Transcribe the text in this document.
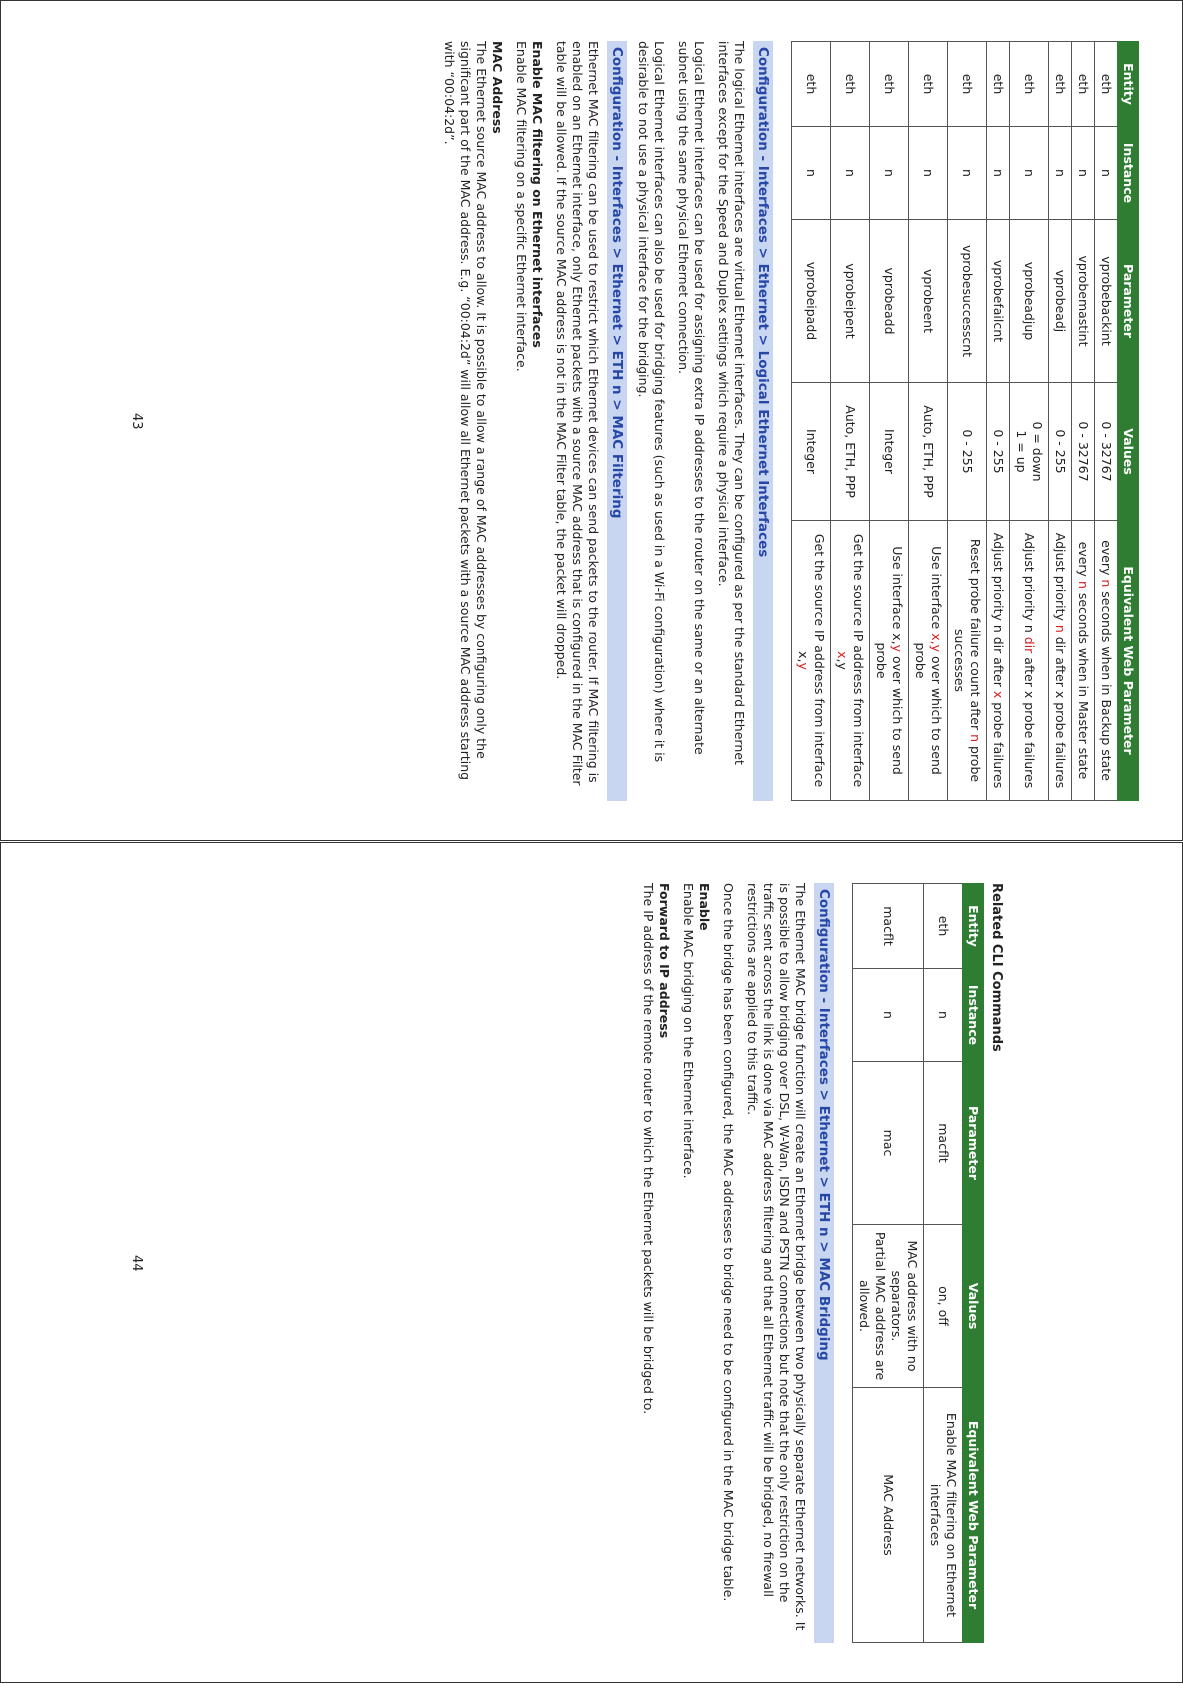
Entity	Instance	Parameter	Values	Equivalent Web Parameter
eth	n	vprobebackint	0 - 32767	every n seconds when in Backup state
eth	n	vprobemastint	0 - 32767	every n seconds when in Master state
eth	n	vprobeadj	0 - 255	Adjust priority n dir after x probe failures
eth	n	vprobeadjup	0 = down
1 = up	Adjust priority n dir after x probe failures
eth	n	vprobefailcnt	0 - 255	Adjust priority n dir after x probe failures
eth	n	vprobesuccesscnt	0 - 255	Reset probe failure count after n probe successes
eth	n	vprobeent	Auto, ETH, PPP	Use interface x,y over which to send probe
eth	n	vprobeadd	Integer	Use interface x,y over which to send probe
eth	n	vprobeipent	Auto, ETH, PPP	Get the source IP address from interface x,y
eth	n	vprobeipadd	Integer	Get the source IP address from interface x,y
Configuration - Interfaces > Ethernet > Logical Ethernet Interfaces

The logical Ethernet interfaces are virtual Ethernet interfaces. They can be configured as per the standard Ethernet interfaces except for the Speed and Duplex settings which require a physical interface.

Logical Ethernet interfaces can be used for assigning extra IP addresses to the router on the same or an alternate subnet using the same physical Ethernet connection.

Logical Ethernet interfaces can also be used for bridging features (such as used in a Wi-Fi configuration) where it is desirable to not use a physical interface for the bridging.

Configuration - Interfaces > Ethernet > ETH n > MAC Filtering

Ethernet MAC filtering can be used to restrict which Ethernet devices can send packets to the router. If MAC filtering is enabled on an Ethernet interface, only Ethernet packets with a source MAC address that is configured in the MAC Filter table will be allowed. If the source MAC address is not in the MAC Filter table, the packet will dropped.

Enable MAC filtering on Ethernet interfaces

Enable MAC filtering on a specific Ethernet interface.

MAC Address

The Ethernet source MAC address to allow. It is possible to allow a range of MAC addresses by configuring only the significant part of the MAC address. E.g. “00:04:2d” will allow all Ethernet packets with a source MAC address starting with “00:04:2d”.

43
Related CLI Commands
Entity	Instance	Parameter	Values	Equivalent Web Parameter
eth	n	macflt	on, off	Enable MAC filtering on Ethernet interfaces
macflt	n	mac	MAC address with no separators.
Partial MAC address are allowed.	MAC Address
Configuration - Interfaces > Ethernet > ETH n > MAC Bridging

The Ethernet MAC bridge function will create an Ethernet bridge between two physically separate Ethernet networks. It is possible to allow bridging over DSL, W-Wan, ISDN and PSTN connections but note that the only restriction on the traffic sent across the link is done via MAC address filtering and that all Ethernet traffic will be bridged, no firewall restrictions are applied to this traffic.

Once the bridge has been configured, the MAC addresses to bridge need to be configured in the MAC bridge table.

Enable

Enable MAC bridging on the Ethernet interface.

Forward to IP address

The IP address of the remote router to which the Ethernet packets will be bridged to.

44
